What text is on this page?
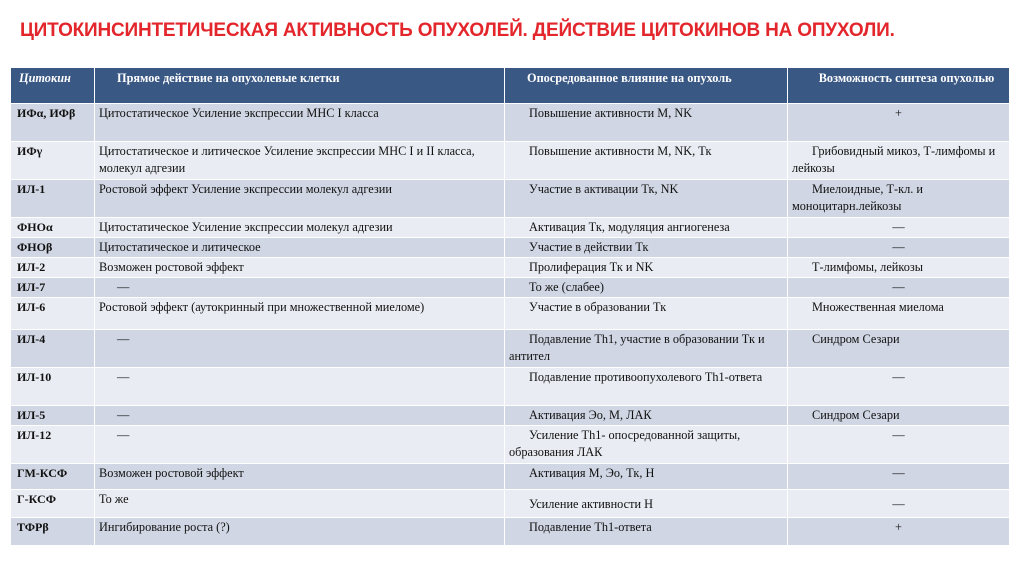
ЦИТОКИНСИНТЕТИЧЕСКАЯ АКТИВНОСТЬ ОПУХОЛЕЙ. ДЕЙСТВИЕ ЦИТОКИНОВ НА ОПУХОЛИ.
Цитокин	Прямое действие на опухолевые клетки	Опосредованное влияние на опухоль	Возможность синтеза опухолью
ИФα, ИФβ	Цитостатическое Усиление экспрессии МНС I класса	Повышение активности М, NK	+
ИФγ	Цитостатическое и литическое Усиление экспрессии МНС I и II класса, молекул адгезии	Повышение активности М, NK, Тк	Грибовидный микоз, Т-лимфомы и лейкозы
ИЛ-1	Ростовой эффект Усиление экспрессии молекул адгезии	Участие в активации Тк, NK	Миелоидные, Т-кл. и моноцитарн.лейкозы
ФНОα	Цитостатическое Усиление экспрессии молекул адгезии	Активация Тк, модуляция ангиогенеза	—
ФНОβ	Цитостатическое и литическое	Участие в действии Тк	—
ИЛ-2	Возможен ростовой эффект	Пролиферация Тк и NK	Т-лимфомы, лейкозы
ИЛ-7	—	То же (слабее)	—
ИЛ-6	Ростовой эффект (аутокринный при множественной миеломе)	Участие в образовании Тк	Множественная миелома
ИЛ-4	—	Подавление Th1, участие в образовании Тк и антител	Синдром Сезари
ИЛ-10	—	Подавление противоопухолевого Th1-ответа	—
ИЛ-5	—	Активация Эо, М, ЛАК	Синдром Сезари
ИЛ-12	—	Усиление Th1- опосредованной защиты, образования ЛАК	—
ГМ-КСФ	Возможен ростовой эффект	Активация М, Эо, Тк, Н	—
Г-КСФ	То же	Усиление активности Н	—
ТФРβ	Ингибирование роста (?)	Подавление Th1-ответа	+
